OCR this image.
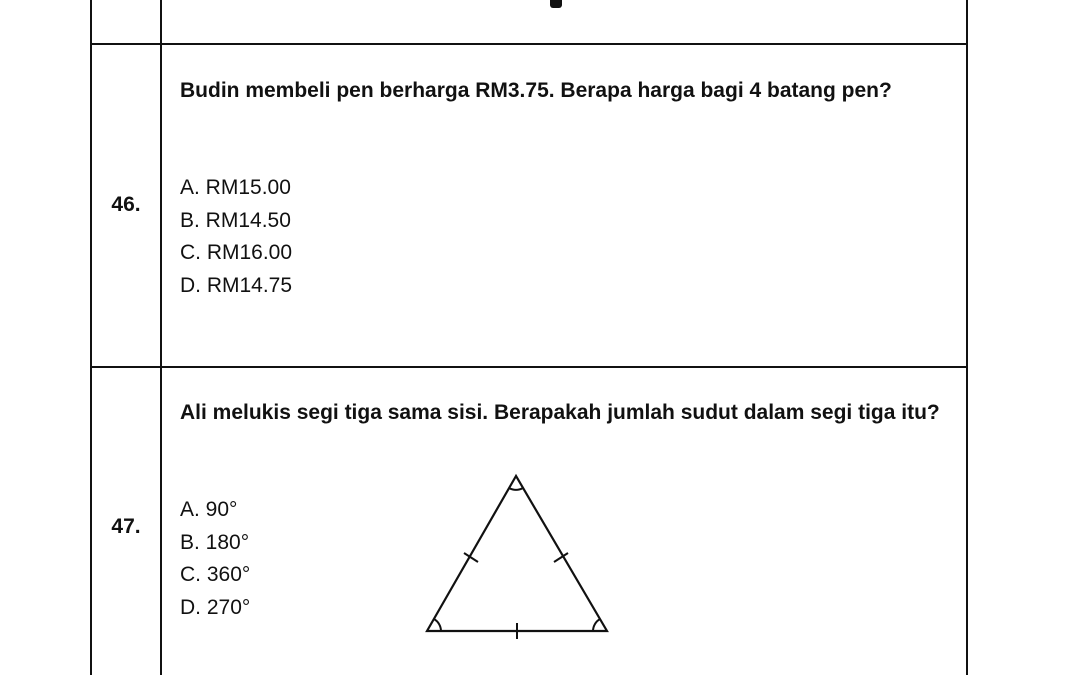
46.
Budin membeli pen berharga RM3.75. Berapa harga bagi 4 batang pen?
A. RM15.00
B. RM14.50
C. RM16.00
D. RM14.75
47.
Ali melukis segi tiga sama sisi. Berapakah jumlah sudut dalam segi tiga itu?
A. 90°
B. 180°
C. 360°
D. 270°
